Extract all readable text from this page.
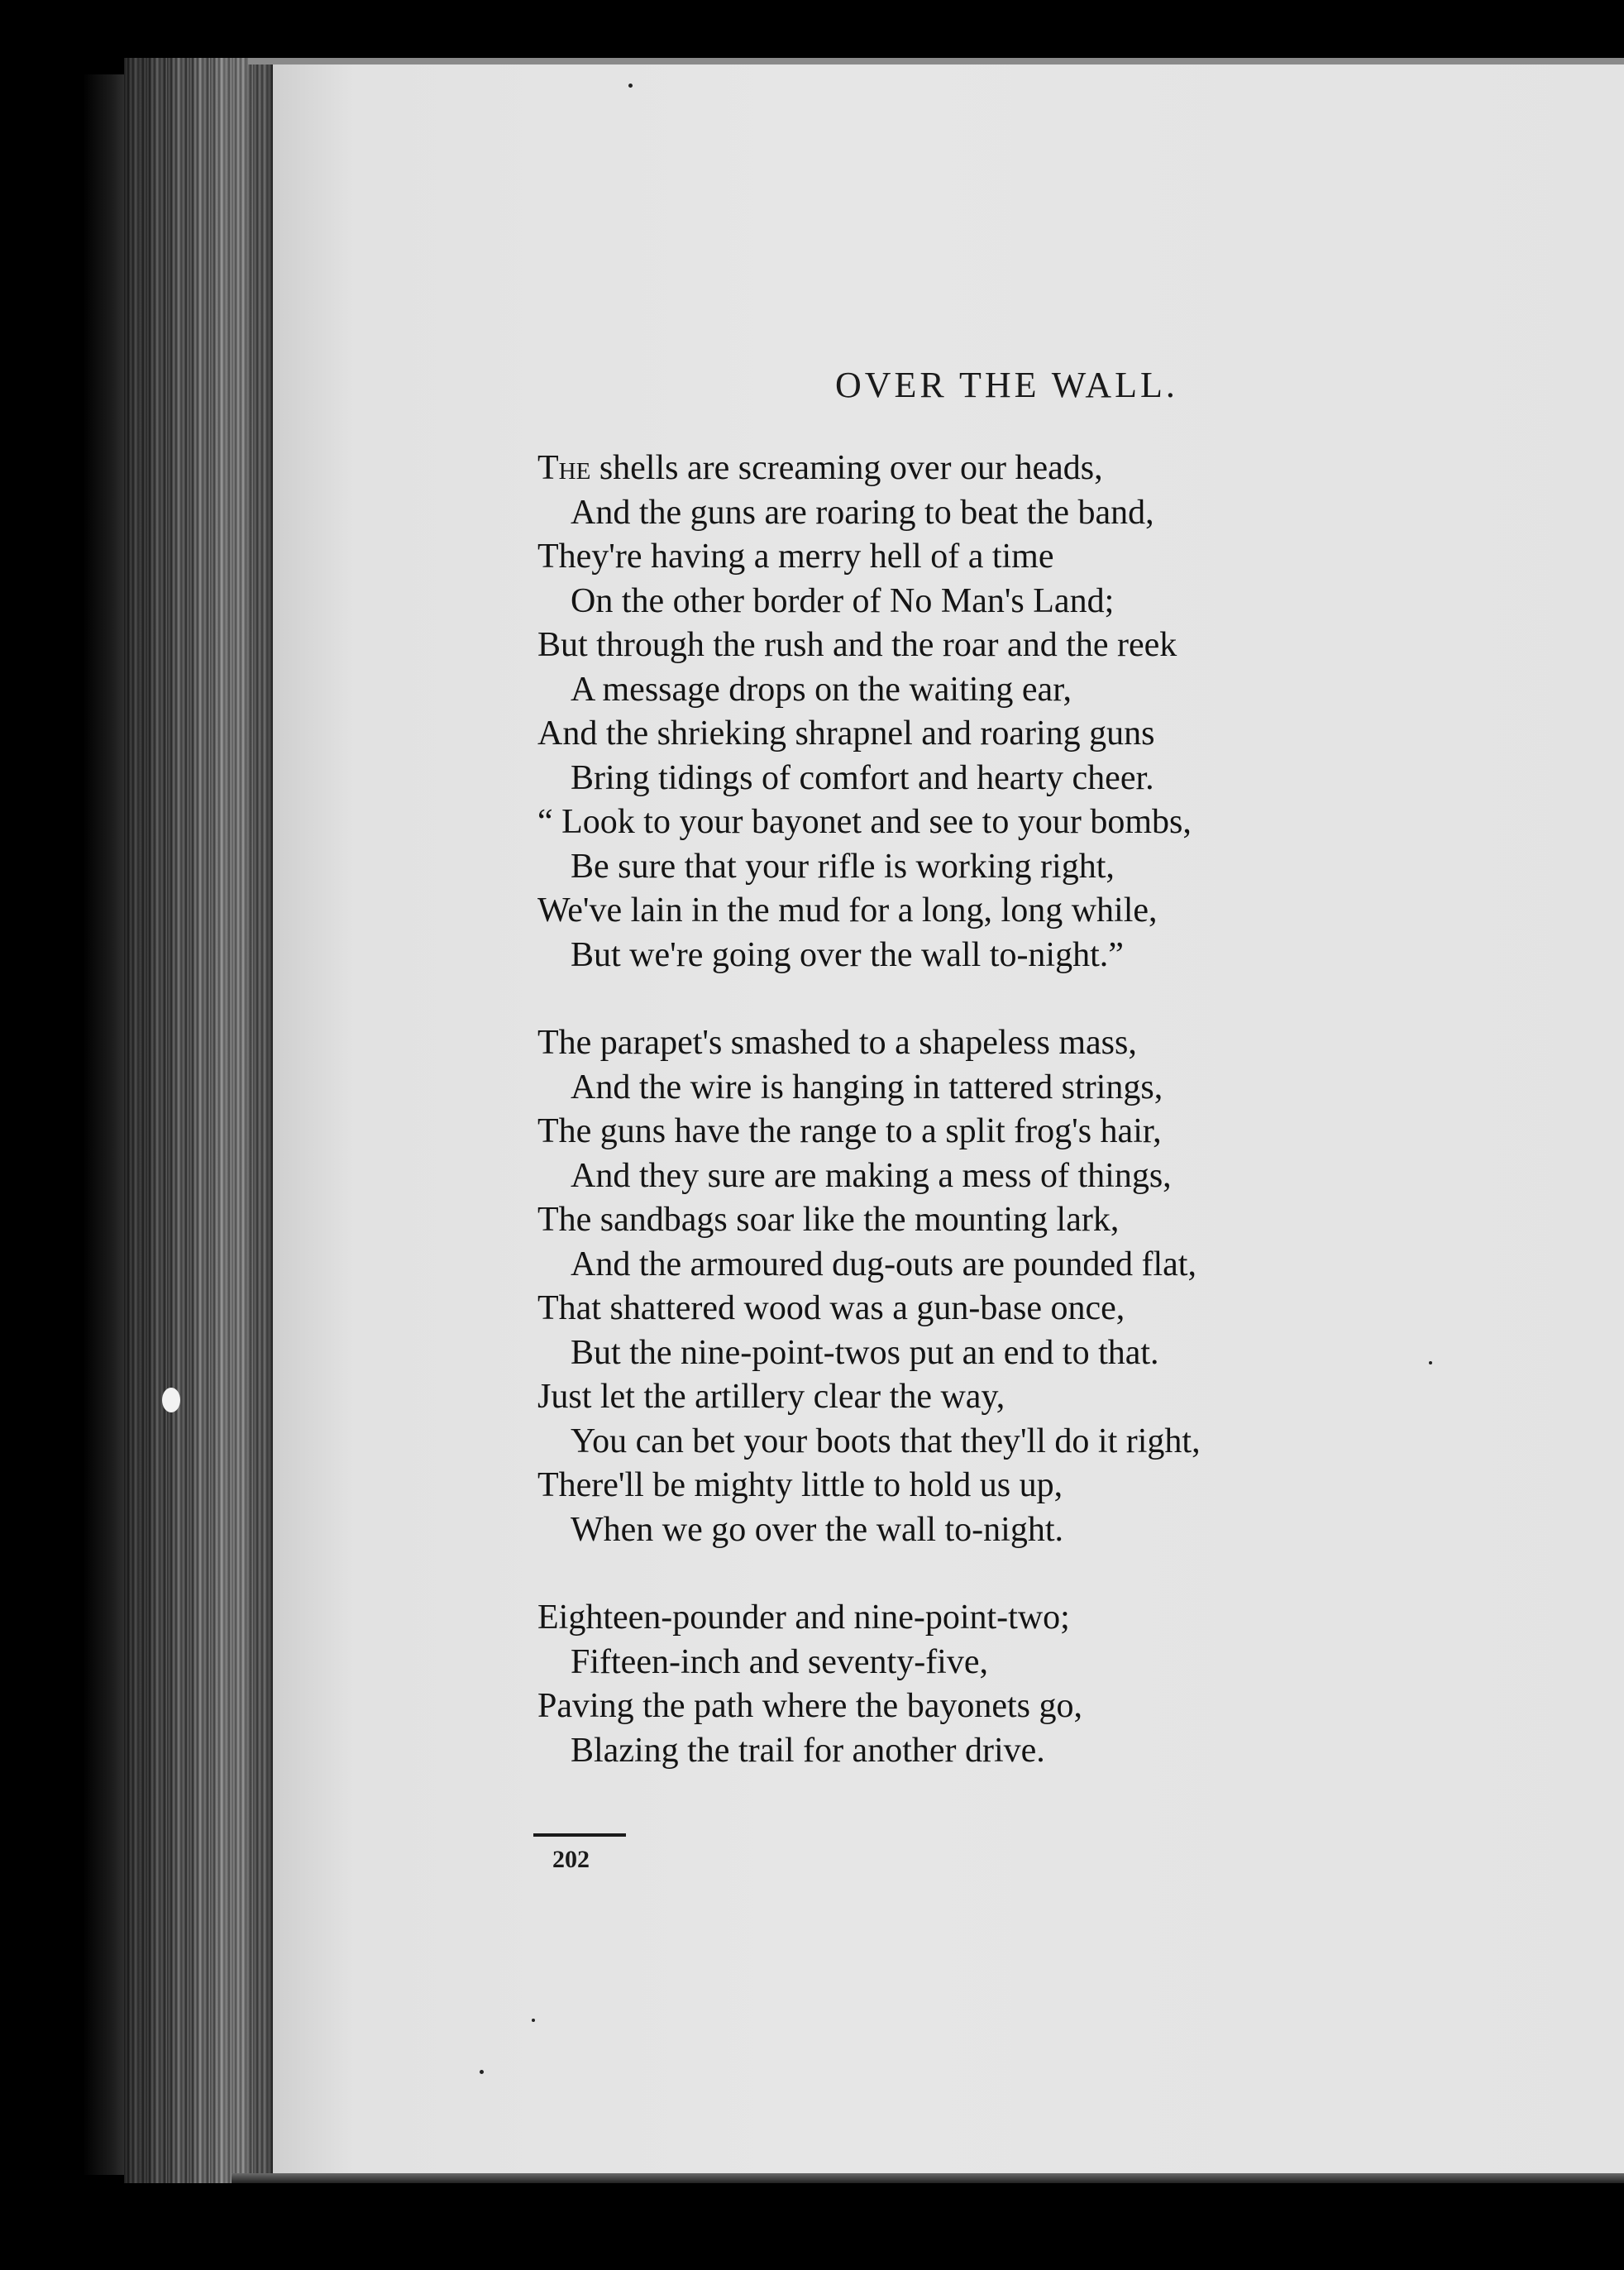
OVER THE WALL.
The shells are screaming over our heads,
And the guns are roaring to beat the band,
They're having a merry hell of a time
On the other border of No Man's Land;
But through the rush and the roar and the reek
A message drops on the waiting ear,
And the shrieking shrapnel and roaring guns
Bring tidings of comfort and hearty cheer.
“ Look to your bayonet and see to your bombs,
Be sure that your rifle is working right,
We've lain in the mud for a long, long while,
But we're going over the wall to-night.”
The parapet's smashed to a shapeless mass,
And the wire is hanging in tattered strings,
The guns have the range to a split frog's hair,
And they sure are making a mess of things,
The sandbags soar like the mounting lark,
And the armoured dug-outs are pounded flat,
That shattered wood was a gun-base once,
But the nine-point-twos put an end to that.
Just let the artillery clear the way,
You can bet your boots that they'll do it right,
There'll be mighty little to hold us up,
When we go over the wall to-night.
Eighteen-pounder and nine-point-two;
Fifteen-inch and seventy-five,
Paving the path where the bayonets go,
Blazing the trail for another drive.
202
